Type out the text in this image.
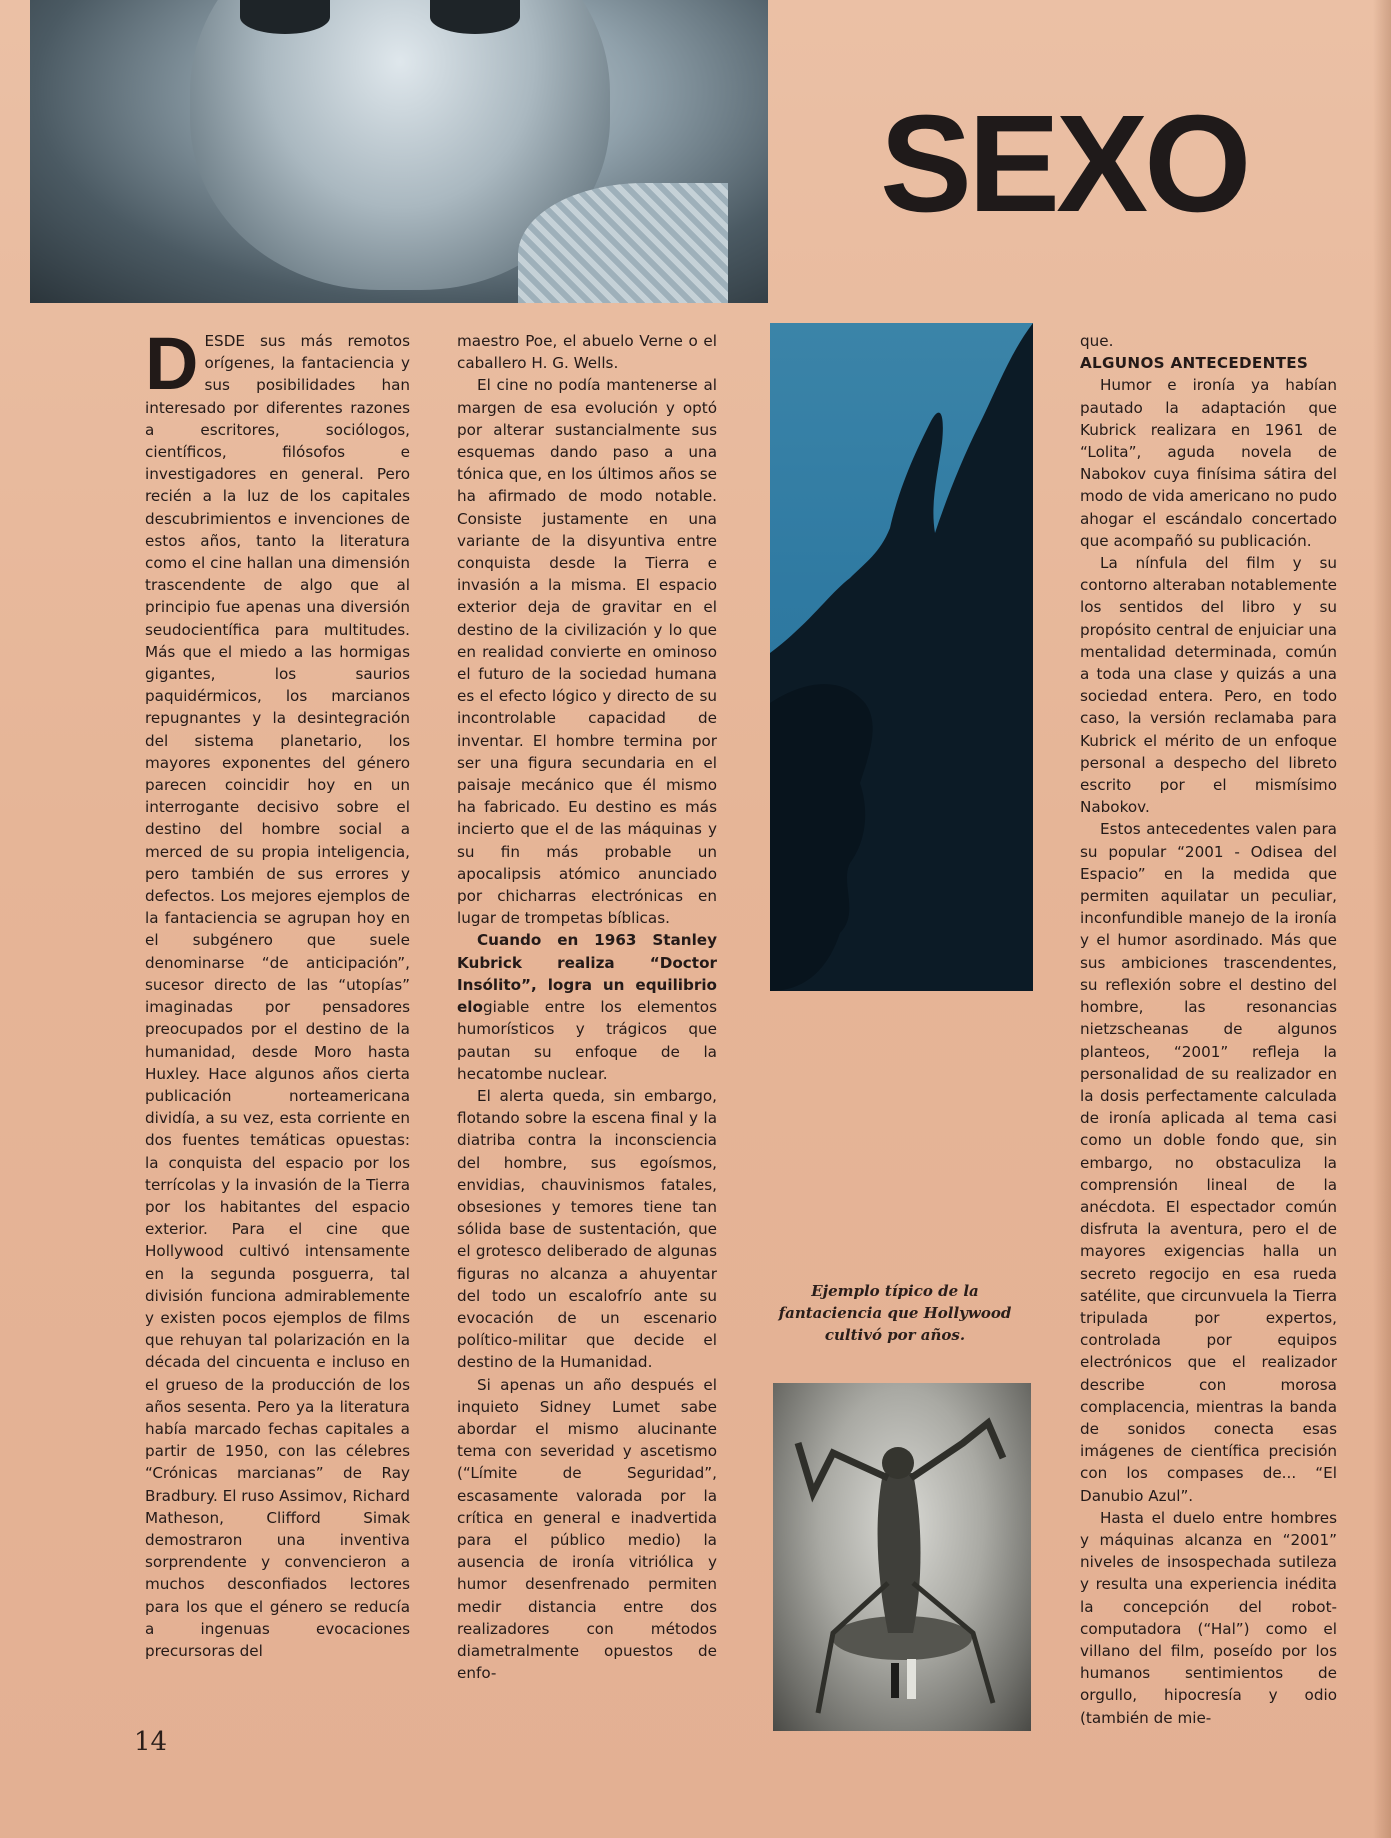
SEXO

DESDE sus más remotos orígenes, la fantaciencia y sus posibilidades han interesado por diferentes razones a escritores, sociólogos, científicos, filósofos e investigadores en general. Pero recién a la luz de los capitales descubrimientos e invenciones de estos años, tanto la literatura como el cine hallan una dimensión trascendente de algo que al principio fue apenas una diversión seudocientífica para multitudes. Más que el miedo a las hormigas gigantes, los saurios paquidérmicos, los marcianos repugnantes y la desintegración del sistema planetario, los mayores exponentes del género parecen coincidir hoy en un interrogante decisivo sobre el destino del hombre social a merced de su propia inteligencia, pero también de sus errores y defectos. Los mejores ejemplos de la fantaciencia se agrupan hoy en el subgénero que suele denominarse “de anticipación”, sucesor directo de las “utopías” imaginadas por pensadores preocupados por el destino de la humanidad, desde Moro hasta Huxley. Hace algunos años cierta publicación norteamericana dividía, a su vez, esta corriente en dos fuentes temáticas opuestas: la conquista del espacio por los terrícolas y la invasión de la Tierra por los habitantes del espacio exterior. Para el cine que Hollywood cultivó intensamente en la segunda posguerra, tal división funciona admirablemente y existen pocos ejemplos de films que rehuyan tal polarización en la década del cincuenta e incluso en el grueso de la producción de los años sesenta. Pero ya la literatura había marcado fechas capitales a partir de 1950, con las célebres “Crónicas marcianas” de Ray Bradbury. El ruso Assimov, Richard Matheson, Clifford Simak demostraron una inventiva sorprendente y convencieron a muchos desconfiados lectores para los que el género se reducía a ingenuas evocaciones precursoras del

maestro Poe, el abuelo Verne o el caballero H. G. Wells.

El cine no podía mantenerse al margen de esa evolución y optó por alterar sustancialmente sus esquemas dando paso a una tónica que, en los últimos años se ha afirmado de modo notable. Consiste justamente en una variante de la disyuntiva entre conquista desde la Tierra e invasión a la misma. El espacio exterior deja de gravitar en el destino de la civilización y lo que en realidad convierte en ominoso el futuro de la sociedad humana es el efecto lógico y directo de su incontrolable capacidad de inventar. El hombre termina por ser una figura secundaria en el paisaje mecánico que él mismo ha fabricado. Eu destino es más incierto que el de las máquinas y su fin más probable un apocalipsis atómico anunciado por chicharras electrónicas en lugar de trompetas bíblicas.

Cuando en 1963 Stanley Kubrick realiza “Doctor Insólito”, logra un equilibrio elogiable entre los elementos humorísticos y trágicos que pautan su enfoque de la hecatombe nuclear.

El alerta queda, sin embargo, flotando sobre la escena final y la diatriba contra la inconsciencia del hombre, sus egoísmos, envidias, chauvinismos fatales, obsesiones y temores tiene tan sólida base de sustentación, que el grotesco deliberado de algunas figuras no alcanza a ahuyentar del todo un escalofrío ante su evocación de un escenario político-militar que decide el destino de la Humanidad.

Si apenas un año después el inquieto Sidney Lumet sabe abordar el mismo alucinante tema con severidad y ascetismo (“Límite de Seguridad”, escasamente valorada por la crítica en general e inadvertida para el público medio) la ausencia de ironía vitriólica y humor desenfrenado permiten medir distancia entre dos realizadores con métodos diametralmente opuestos de enfo-

Ejemplo típico de la fantaciencia que Hollywood cultivó por años.

que.

ALGUNOS ANTECEDENTES

Humor e ironía ya habían pautado la adaptación que Kubrick realizara en 1961 de “Lolita”, aguda novela de Nabokov cuya finísima sátira del modo de vida americano no pudo ahogar el escándalo concertado que acompañó su publicación.

La nínfula del film y su contorno alteraban notablemente los sentidos del libro y su propósito central de enjuiciar una mentalidad determinada, común a toda una clase y quizás a una sociedad entera. Pero, en todo caso, la versión reclamaba para Kubrick el mérito de un enfoque personal a despecho del libreto escrito por el mismísimo Nabokov.

Estos antecedentes valen para su popular “2001 - Odisea del Espacio” en la medida que permiten aquilatar un peculiar, inconfundible manejo de la ironía y el humor asordinado. Más que sus ambiciones trascendentes, su reflexión sobre el destino del hombre, las resonancias nietzscheanas de algunos planteos, “2001” refleja la personalidad de su realizador en la dosis perfectamente calculada de ironía aplicada al tema casi como un doble fondo que, sin embargo, no obstaculiza la comprensión lineal de la anécdota. El espectador común disfruta la aventura, pero el de mayores exigencias halla un secreto regocijo en esa rueda satélite, que circunvuela la Tierra tripulada por expertos, controlada por equipos electrónicos que el realizador describe con morosa complacencia, mientras la banda de sonidos conecta esas imágenes de científica precisión con los compases de... “El Danubio Azul”.

Hasta el duelo entre hombres y máquinas alcanza en “2001” niveles de insospechada sutileza y resulta una experiencia inédita la concepción del robot-computadora (“Hal”) como el villano del film, poseído por los humanos sentimientos de orgullo, hipocresía y odio (también de mie-

14
